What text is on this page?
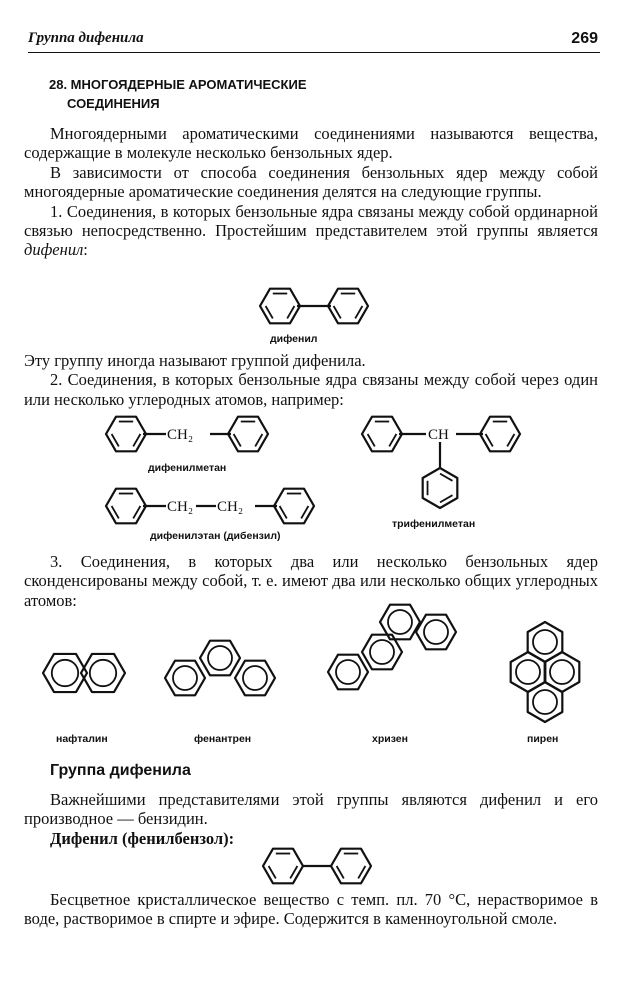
Группа дифенила	269
28. МНОГОЯДЕРНЫЕ АРОМАТИЧЕСКИЕ
СОЕДИНЕНИЯ

Многоядерными ароматическими соединениями называются вещества, содержащие в молекуле несколько бензольных ядер.

В зависимости от способа соединения бензольных ядер между собой многоядерные ароматические соединения делятся на следующие группы.

1. Соединения, в которых бензольные ядра связаны между собой ординарной связью непосредственно. Простейшим представителем этой группы является дифенил:

Эту группу иногда называют группой дифенила.

2. Соединения, в которых бензольные ядра связаны между собой через один или несколько углеродных атомов, например:

3. Соединения, в которых два или несколько бензольных ядер сконденсированы между собой, т. е. имеют два или несколько общих углеродных атомов:

Группа дифенила

Важнейшими представителями этой группы являются дифенил и его производное — бензидин.

Дифенил (фенилбензол):

Бесцветное кристаллическое вещество с темп. пл. 70 °С, нерастворимое в воде, растворимое в спирте и эфире. Содержится в каменноугольной смоле.

дифенил
дифенилметан
дифенилэтан (дибензил)
трифенилметан
нафталин	фенантрен	хризен	пирен
CH₂
CH₂ CH₂
CH
